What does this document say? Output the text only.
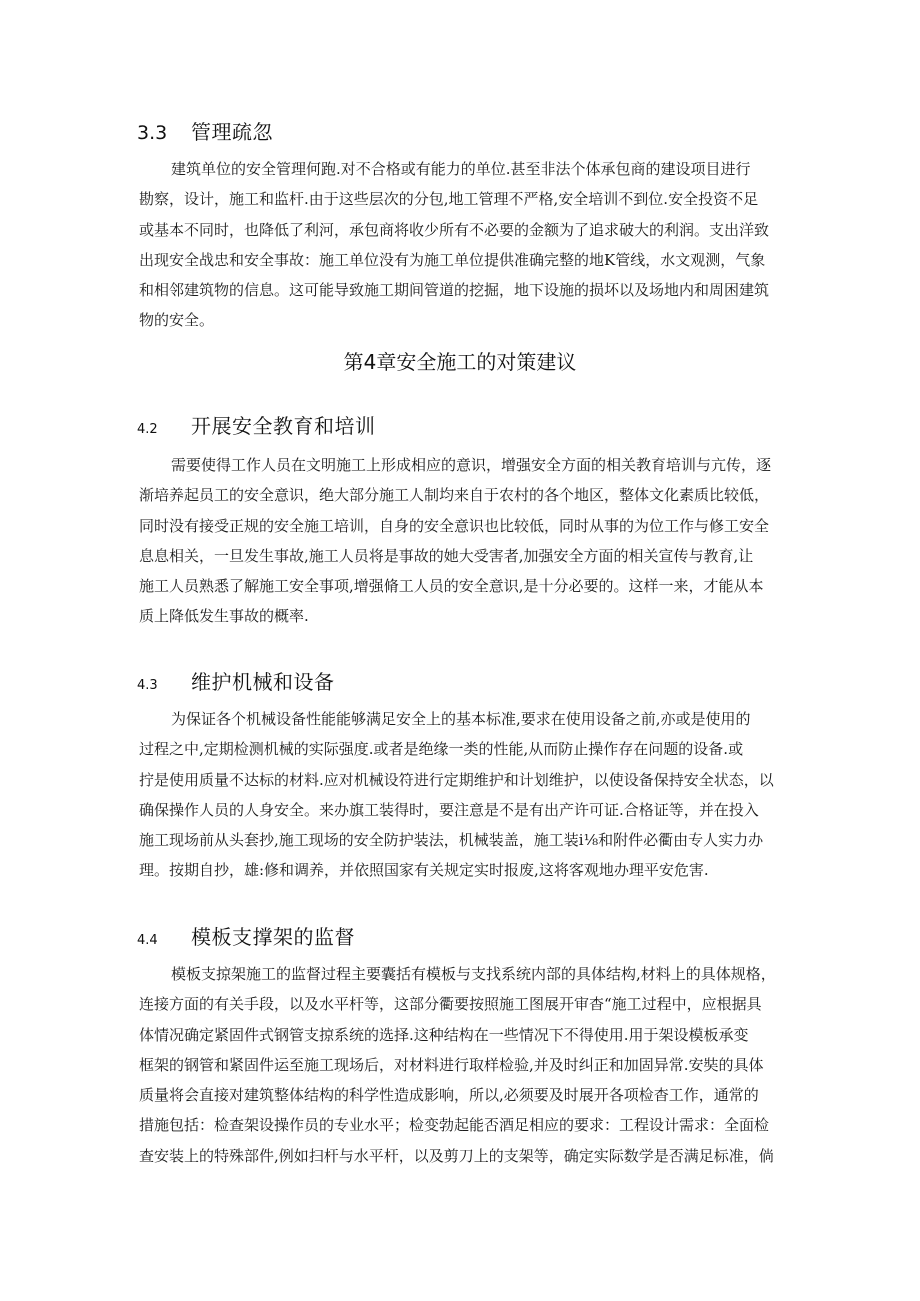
3.3	管理疏忽
建筑单位的安全管理何跑.对不合格或有能力的单位.甚至非法个体承包商的建设项目进行
勘察，设计，施工和监杆.由于这些层次的分包,地工管理不严格,安全培训不到位.安全投资不足
或基本不同时，也降低了利河，承包商将收少所有不必要的金额为了追求破大的利润。支出洋致
出现安全战忠和安全事故：施工单位没有为施工单位提供准确完整的地K管线，水文观测，气象
和相邻建筑物的信息。这可能导致施工期间管道的挖掘，地下设施的损坏以及场地内和周困建筑
物的安全。
第4章安全施工的对策建议
4.2	开展安全教育和培训
需要使得工作人员在文明施工上形成相应的意识，增强安全方面的相关教育培训与亢传，逐
渐培养起员工的安全意识，绝大部分施工人制均来自于农村的各个地区，整体文化素质比较低，
同时没有接受正规的安全施工培训，自身的安全意识也比较低，同时从事的为位工作与修工安全
息息相关，一旦发生事故,施工人员将是事故的她大受害者,加强安全方面的相关宣传与教育,让
施工人员熟悉了解施工安全事项,增强脩工人员的安全意识,是十分必要的。这样一来，才能从本
质上降低发生事故的概率.
4.3	维护机械和设备
为保证各个机械设备性能能够满足安全上的基本标准,要求在使用设备之前,亦或是使用的
过程之中,定期检测机械的实际强度.或者是绝缘一类的性能,从而防止操作存在问题的设备.或
拧是使用质量不达标的材料.应对机械设符进行定期维护和计划维护，以使设备保持安全状态，以
确保操作人员的人身安全。来办旗工装得时，要注意是不是有出产许可证.合格证等，并在投入
施工现场前从头套抄,施工现场的安全防护装法，机械装盖，施工装i⅛和附件必衢由专人实力办
理。按期自抄，雄:修和调养，并依照国家有关规定实时报废,这将客观地办理平安危害.
4.4	模板支撑架的监督
模板支掠架施工的监督过程主要囊括有模板与支找系统内部的具体结构,材料上的具体规格，
连接方面的有关手段，以及水平杆等，这部分衢要按照施工图展开审杳“施工过程中，应根据具
体情况确定紧固件式钢管支掠系统的选择.这种结构在一些情况下不得使用.用于架设模板承变
框架的钢管和紧固件运至施工现场后，对材料进行取样检验,并及时纠正和加固异常.安奘的具体
质量将会直接对建筑整体结构的科学性造成影响，所以,必须要及时展开各项检杳工作，通常的
措施包括：检查架设操作员的专业水平；检变勃起能否酒足相应的要求：工程设计需求：全面检
查安装上的特殊部件,例如扫杆与水平杆，以及剪刀上的支架等，确定实际数学是否满足标准，倘
